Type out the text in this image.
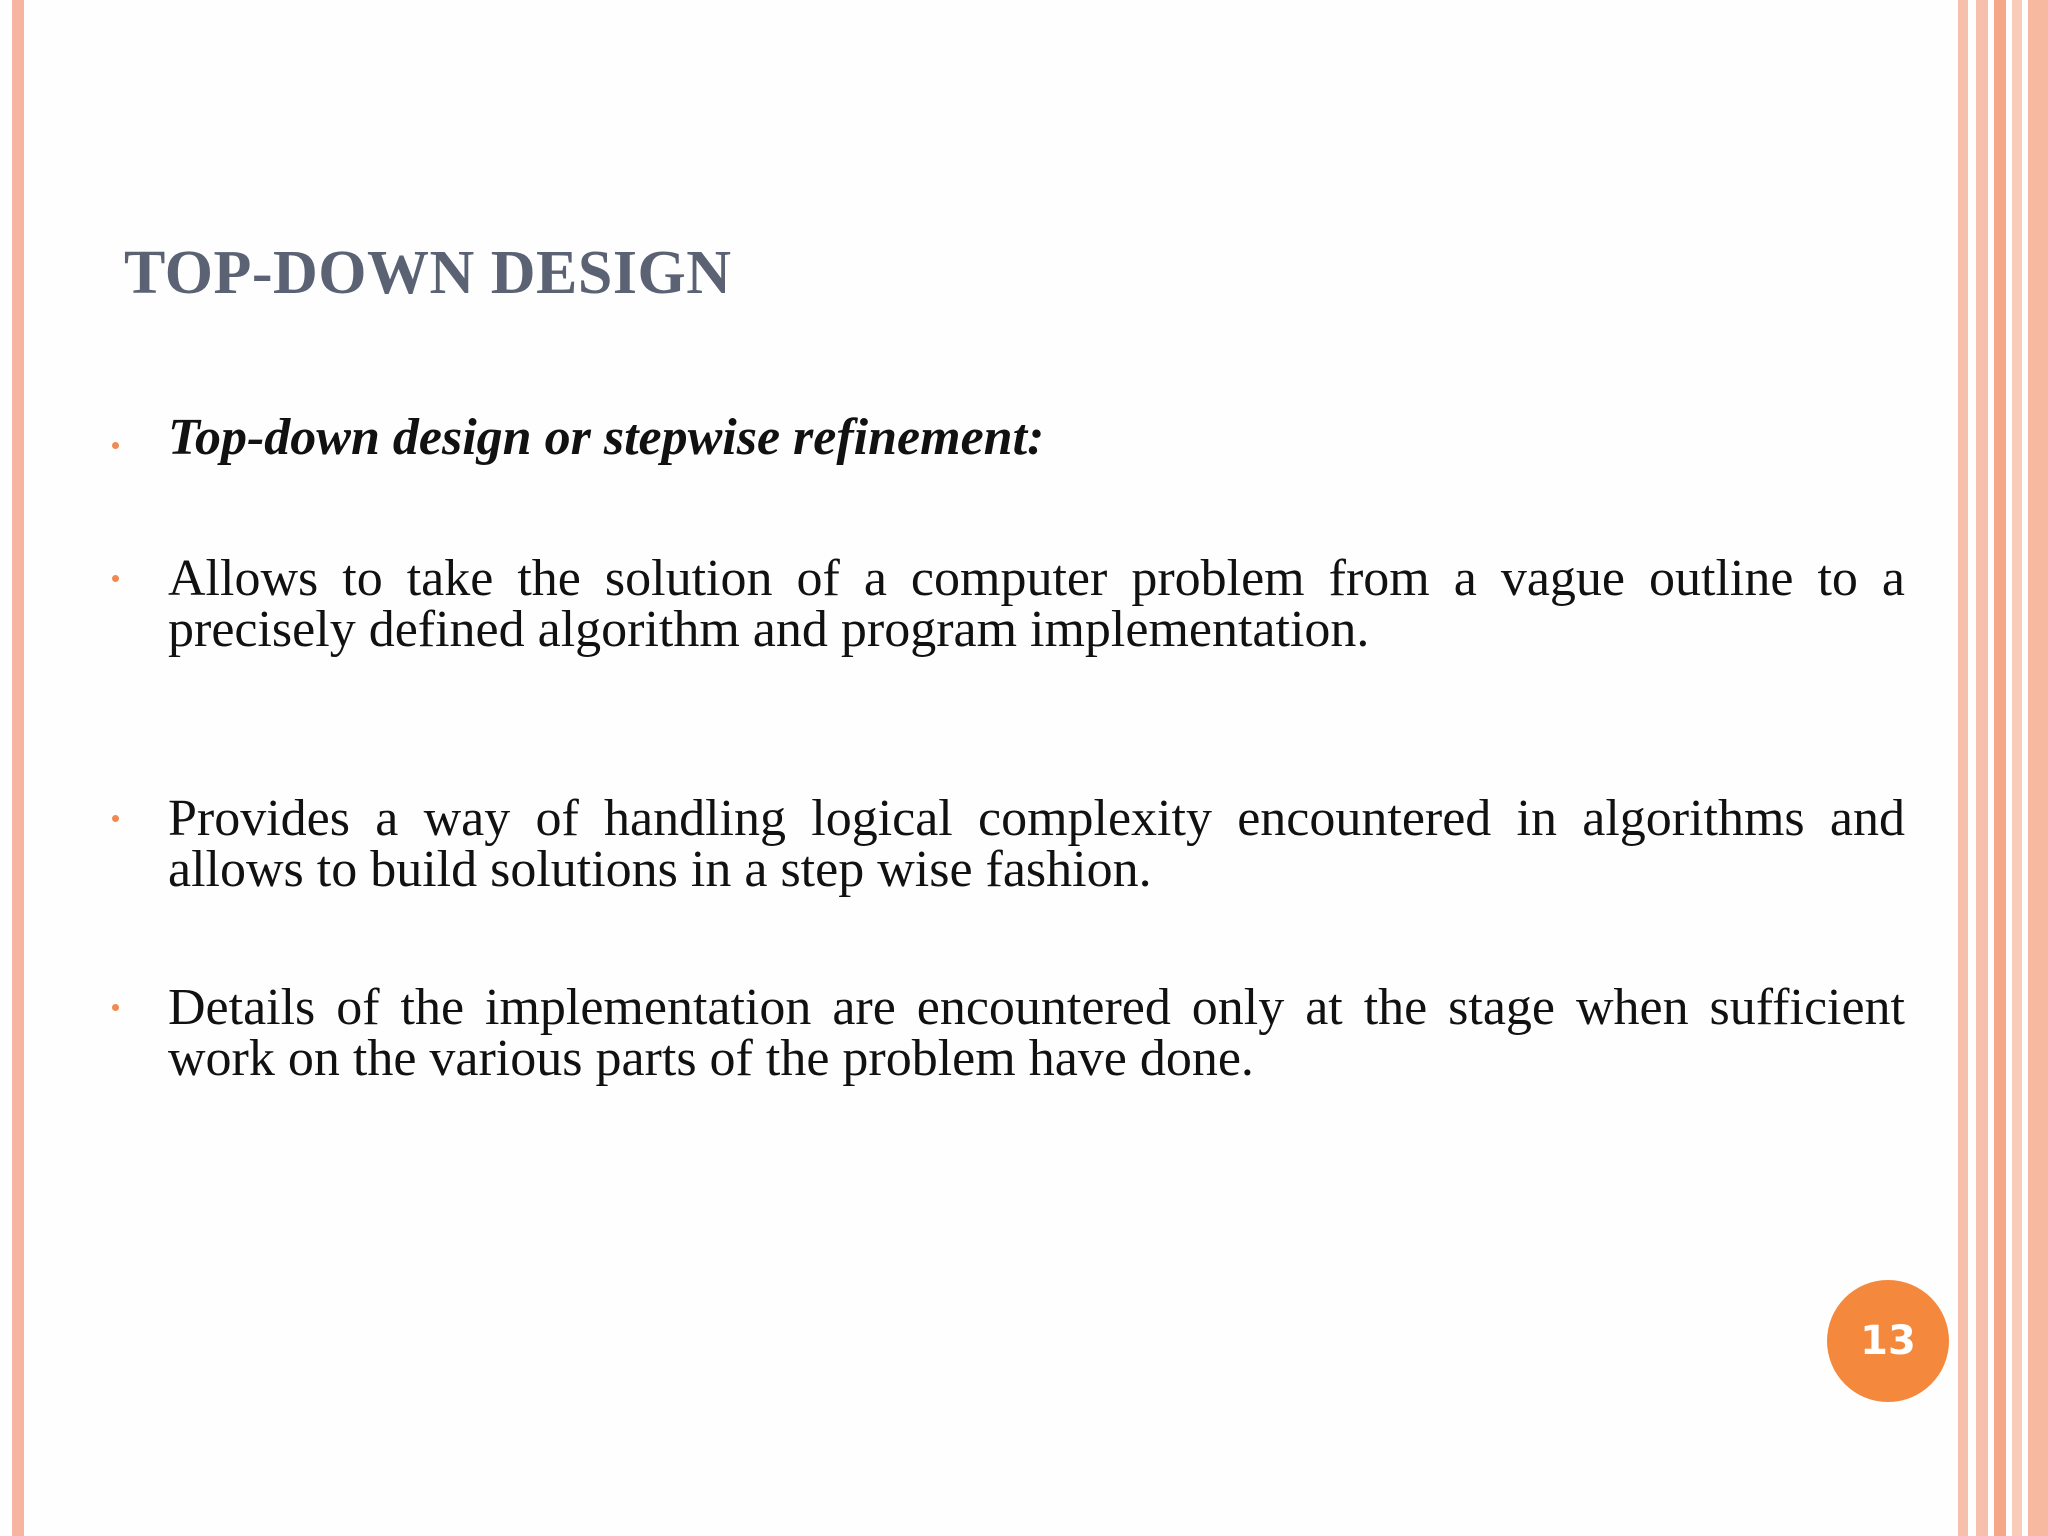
TOP-DOWN DESIGN
Top-down design or stepwise refinement:
Allows to take the solution of a computer problem from a vague outline to a precisely defined algorithm and program implementation.
Provides a way of handling logical complexity encountered in algorithms and allows to build solutions in a step wise fashion.
Details of the implementation are encountered only at the stage when sufficient work on the various parts of the problem have done.
13
